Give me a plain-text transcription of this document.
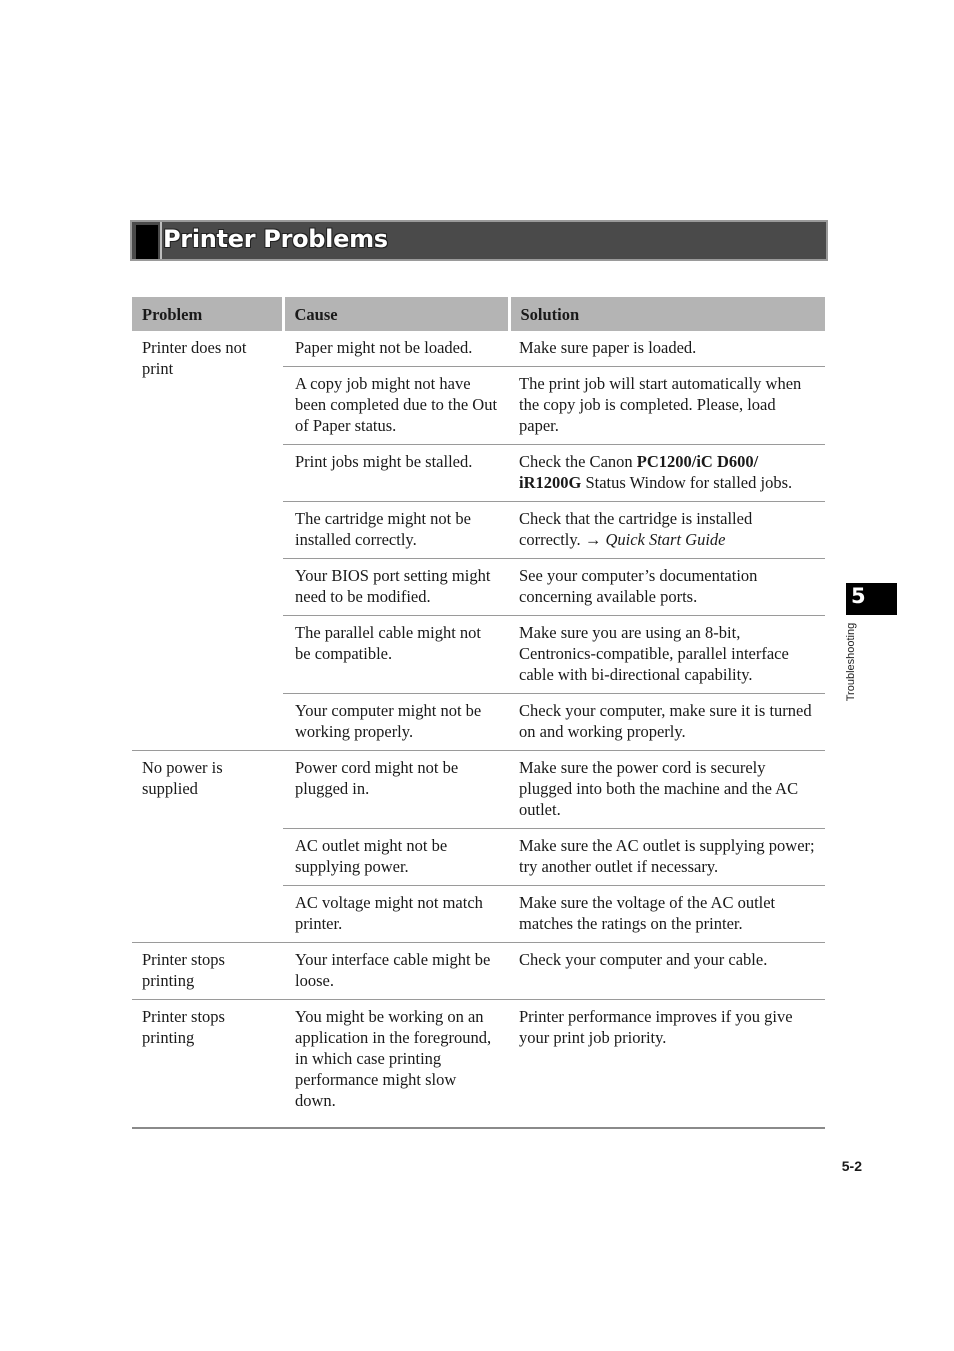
Printer Problems
Problem	Cause	Solution
Printer does not print	Paper might not be loaded.	Make sure paper is loaded.
	A copy job might not have been completed due to the Out of Paper status.	The print job will start automatically when the copy job is completed. Please, load paper.
	Print jobs might be stalled.	Check the Canon PC1200/iC D600/ iR1200G Status Window for stalled jobs.
	The cartridge might not be installed correctly.	Check that the cartridge is installed correctly. → Quick Start Guide
	Your BIOS port setting might need to be modified.	See your computer’s documentation concerning available ports.
	The parallel cable might not be compatible.	Make sure you are using an 8-bit, Centronics-compatible, parallel interface cable with bi-directional capability.
	Your computer might not be working properly.	Check your computer, make sure it is turned on and working properly.
No power is supplied	Power cord might not be plugged in.	Make sure the power cord is securely plugged into both the machine and the AC outlet.
	AC outlet might not be supplying power.	Make sure the AC outlet is supplying power; try another outlet if necessary.
	AC voltage might not match printer.	Make sure the voltage of the AC outlet matches the ratings on the printer.
Printer stops printing	Your interface cable might be loose.	Check your computer and your cable.
Printer stops printing	You might be working on an application in the foreground, in which case printing performance might slow down.	Printer performance improves if you give your print job priority.
5
Troubleshooting
5-2
